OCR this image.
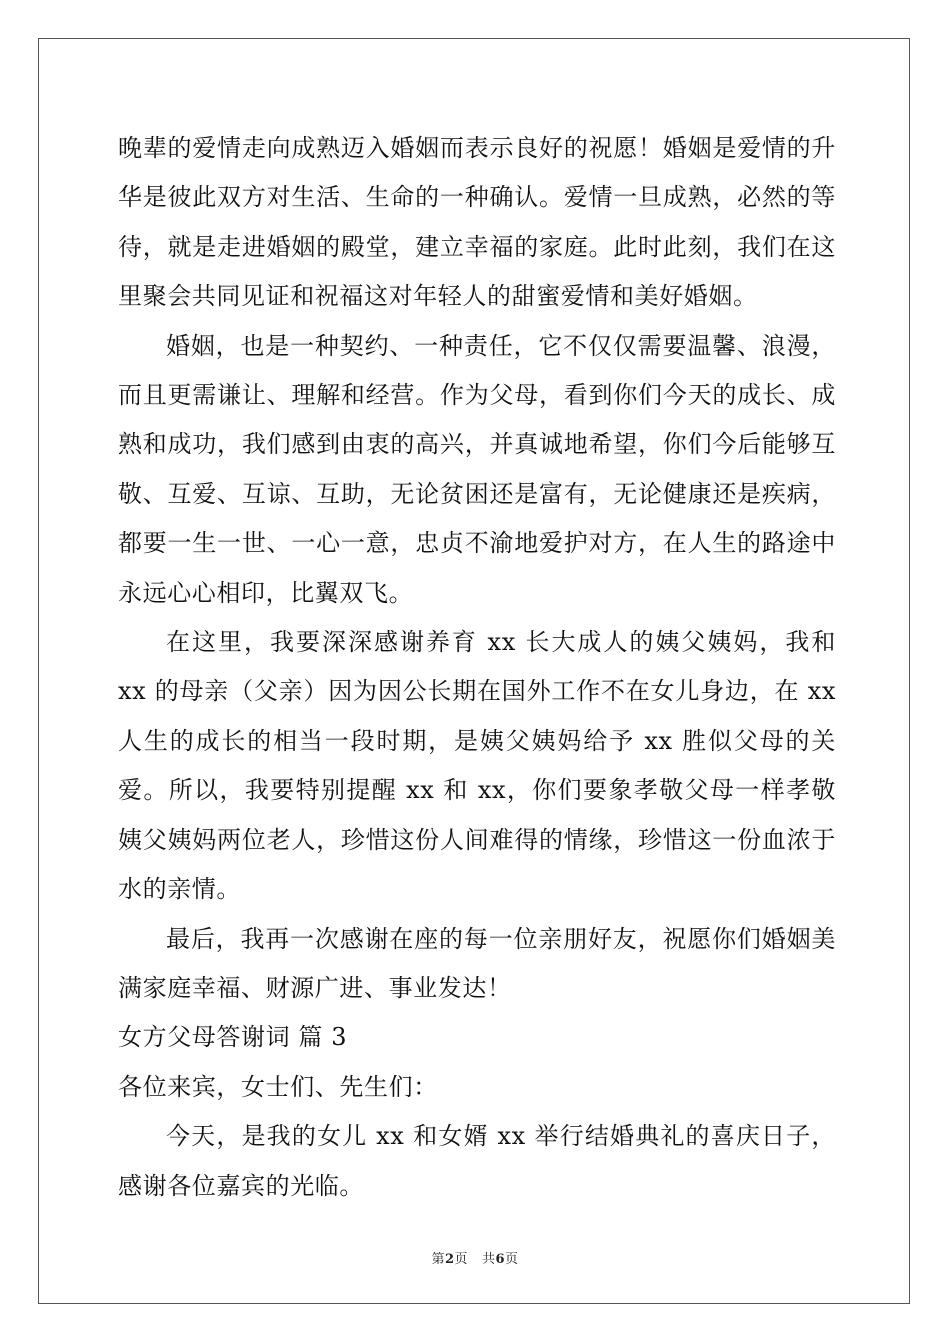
晚辈的爱情走向成熟迈入婚姻而表示良好的祝愿！婚姻是爱情的升华是彼此双方对生活、生命的一种确认。爱情一旦成熟，必然的等待，就是走进婚姻的殿堂，建立幸福的家庭。此时此刻，我们在这里聚会共同见证和祝福这对年轻人的甜蜜爱情和美好婚姻。

婚姻，也是一种契约、一种责任，它不仅仅需要温馨、浪漫，而且更需谦让、理解和经营。作为父母，看到你们今天的成长、成熟和成功，我们感到由衷的高兴，并真诚地希望，你们今后能够互敬、互爱、互谅、互助，无论贫困还是富有，无论健康还是疾病，都要一生一世、一心一意，忠贞不渝地爱护对方，在人生的路途中永远心心相印，比翼双飞。

在这里，我要深深感谢养育 xx 长大成人的姨父姨妈，我和 xx 的母亲（父亲）因为因公长期在国外工作不在女儿身边，在 xx 人生的成长的相当一段时期，是姨父姨妈给予 xx 胜似父母的关爱。所以，我要特别提醒 xx 和 xx，你们要象孝敬父母一样孝敬姨父姨妈两位老人，珍惜这份人间难得的情缘，珍惜这一份血浓于水的亲情。

最后，我再一次感谢在座的每一位亲朋好友，祝愿你们婚姻美满家庭幸福、财源广进、事业发达！

女方父母答谢词 篇 3

各位来宾，女士们、先生们：

今天，是我的女儿 xx 和女婿 xx 举行结婚典礼的喜庆日子，感谢各位嘉宾的光临。

第2页 共6页
